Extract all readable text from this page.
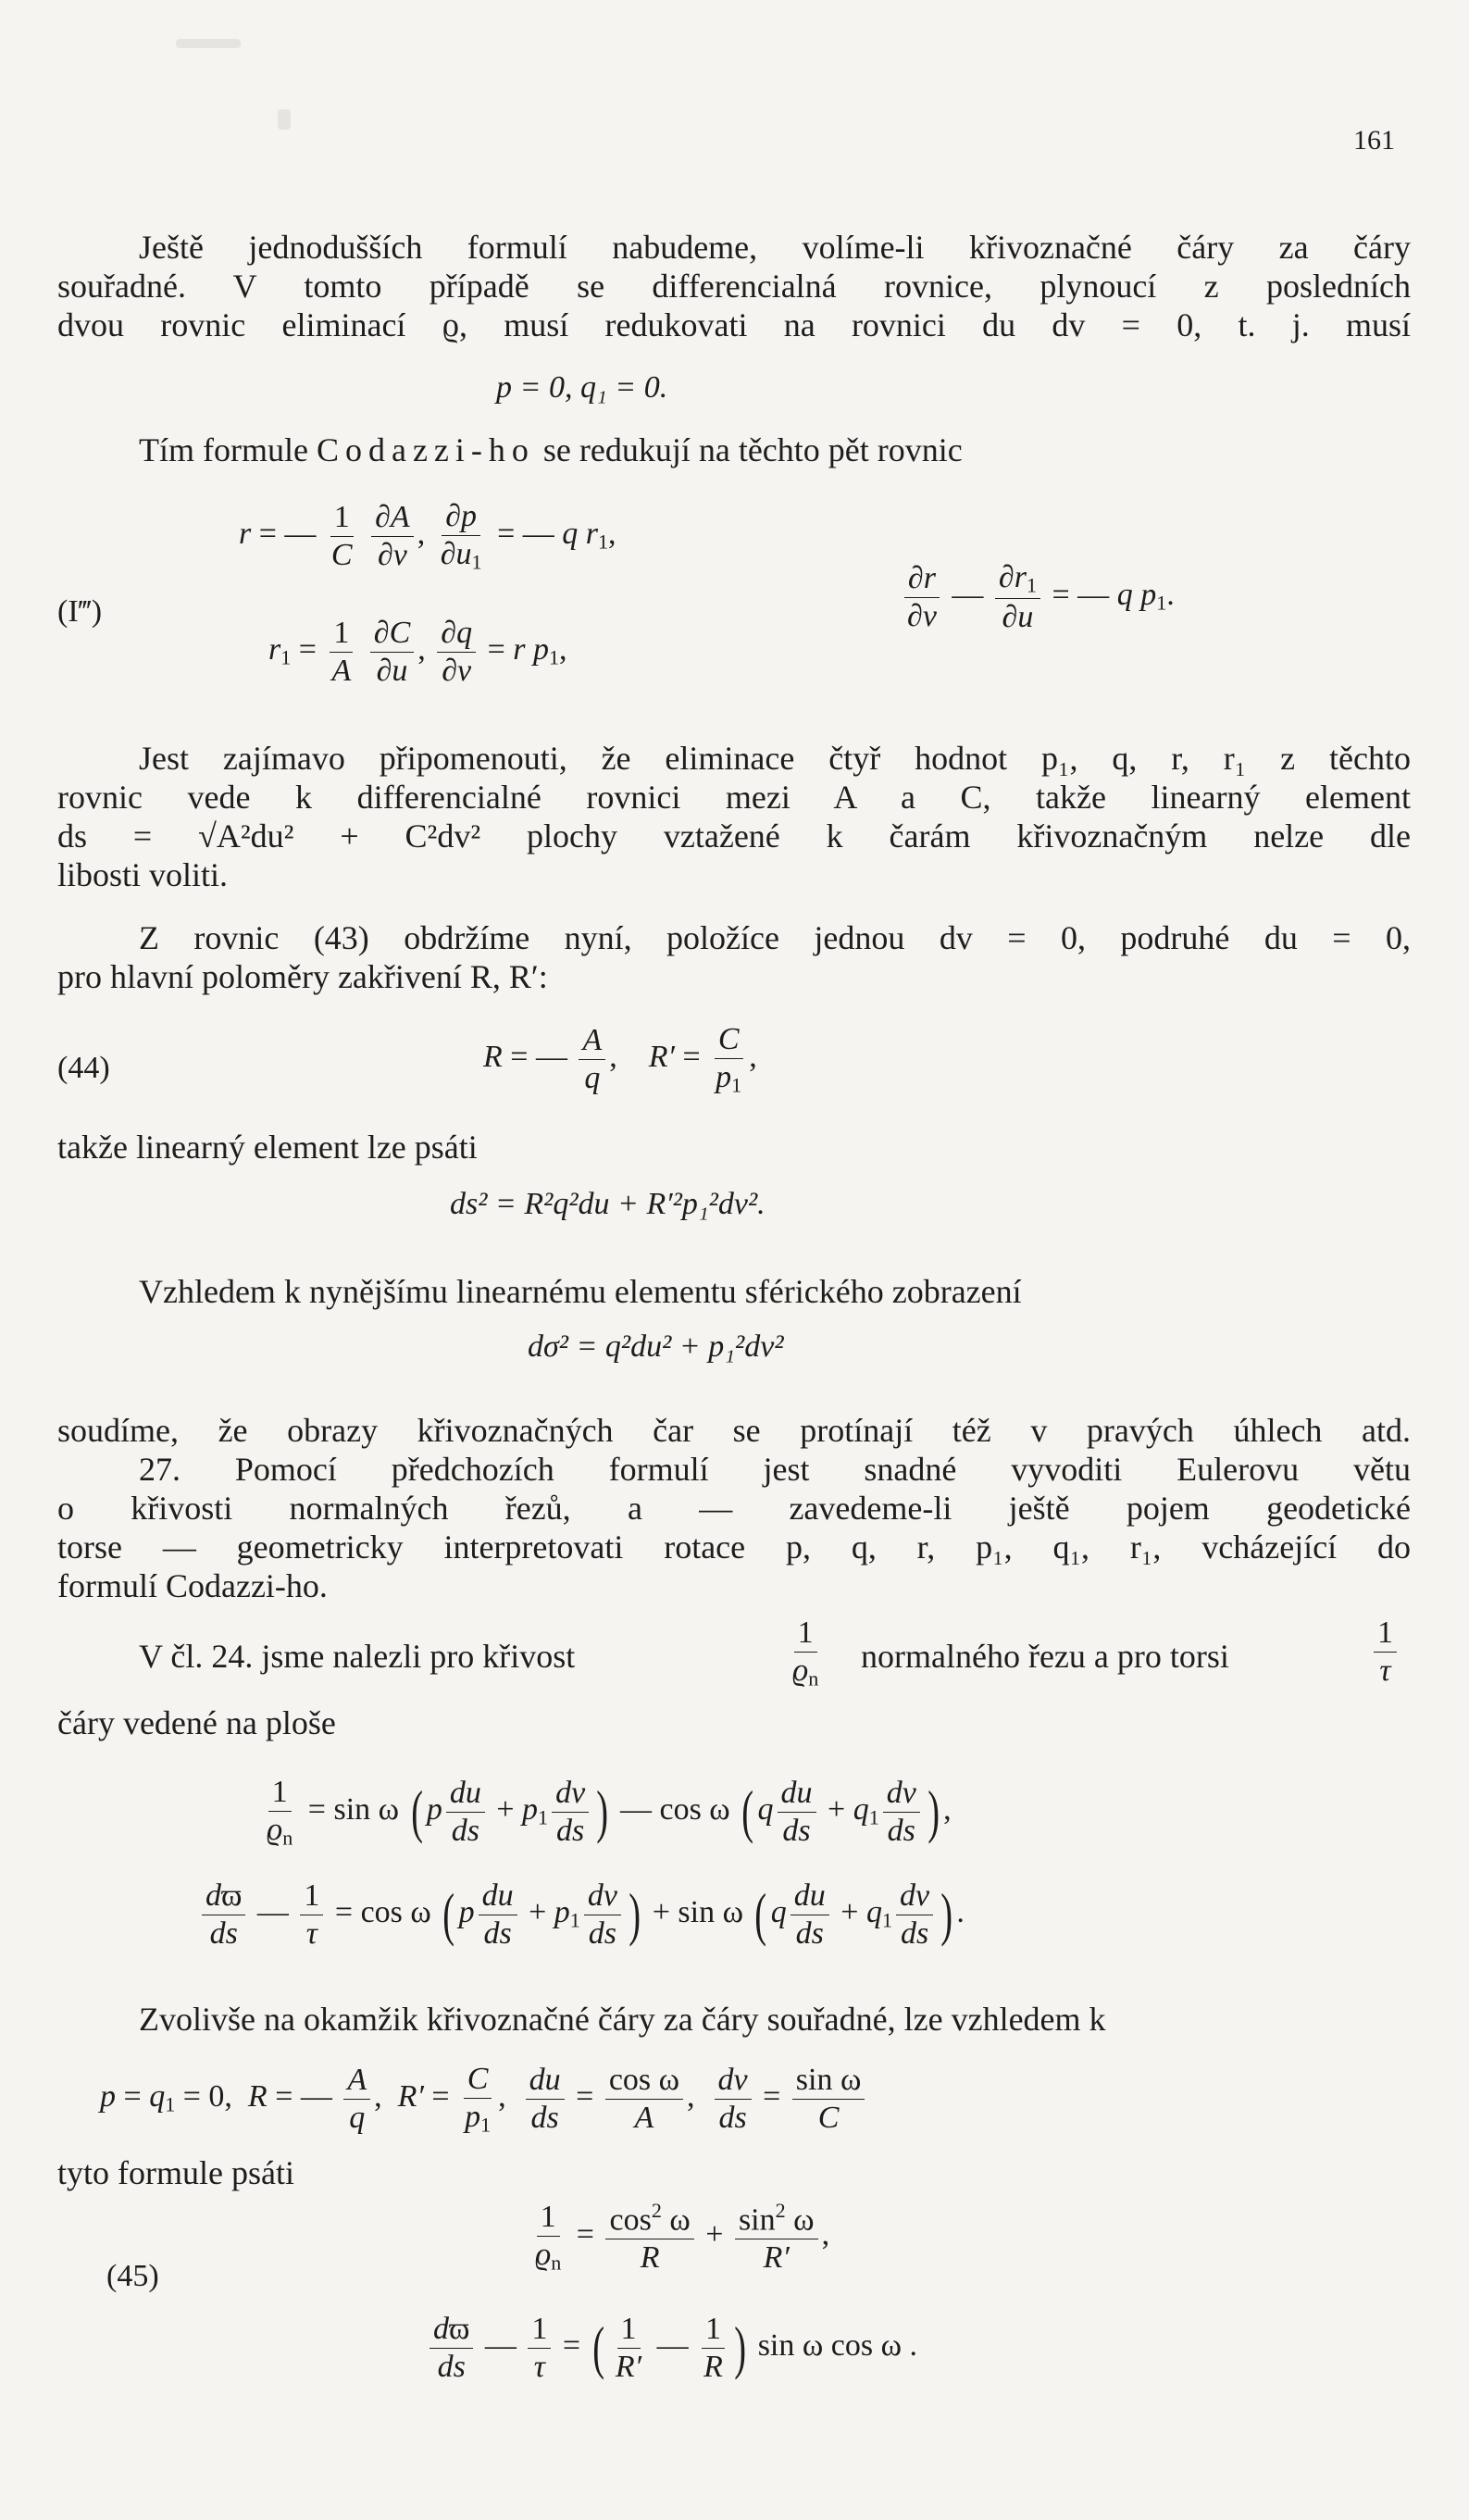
161
Ještě jednodušších formulí nabudeme, volíme-li křivoznačné čáry za čáry
souřadné. V tomto případě se differencialná rovnice, plynoucí z posledních
dvou rovnic eliminací ϱ, musí redukovati na rovnici du dv = 0, t. j. musí
p = 0, q₁ = 0.
Tím formule Codazzi-ho se redukují na těchto pět rovnic
(I‴)
r = — $\frac{1}{C}$
$\frac{\partial A}{\partial v}$ , $\frac{\partial p}{\partial u_1}$ = — q $r_1$,
$r_1 = \frac{1}{A}$
$\frac{\partial C}{\partial u}$ , $\frac{\partial q}{\partial v} = r$ $p_1$,
$\frac{\partial r}{\partial v}$ — $\frac{\partial r_1}{\partial u}$ = — q $p_1$.
Jest zajímavo připomenouti, že eliminace čtyř hodnot p₁, q, r, r₁ z těchto
rovnic vede k differencialné rovnici mezi A a C, takže linearný element
ds = √A²du² + C²dv² plochy vztažené k čarám křivoznačným nelze dle
libosti voliti.
Z rovnic (43) obdržíme nyní, položíce jednou dv = 0, podruhé du = 0,
pro hlavní poloměry zakřivení R, R′:
(44)	R = — $\frac{A}{q}$ ,    $R' = \frac{C}{p_1}$ ,
takže linearný element lze psáti
ds² = R²q²du + R′²p₁²dv².
Vzhledem k nynějšímu linearnému elementu sférického zobrazení
dσ² = q²du² + p₁²dv²
soudíme, že obrazy křivoznačných čar se protínají též v pravých úhlech atd.
27. Pomocí předchozích formulí jest snadné vyvoditi Eulerovu větu
o křivosti normalných řezů, a — zavedeme-li ještě pojem geodetické
torse — geometricky interpretovati rotace p, q, r, p₁, q₁, r₁, vcházející do
formulí Codazzi-ho.
V čl. 24. jsme nalezli pro křivost	$\frac{1}{ϱ_n}$ normalného řezu a pro torsi	$\frac{1}{\tau}$
čáry vedené na ploše
$\frac{1}{ϱ_n} = \sin \omega$ ( p $\frac{du}{ds} + p_1 \frac{dv}{ds}$ ) — cos ω ( q $\frac{du}{ds} + q_1 \frac{dv}{ds}$ ) ,
$\frac{dϖ}{ds}$ — $\frac{1}{\tau} = \cos \omega$ ( p $\frac{du}{ds} + p_1 \frac{dv}{ds}$ ) + sin ω ( q $\frac{du}{ds} + q_1 \frac{dv}{ds}$ ) .
Zvolivše na okamžik křivoznačné čáry za čáry souřadné, lze vzhledem k
$p = q_1 = 0$,  R = — $\frac{A}{q}$ ,  $R' = \frac{C}{p_1}$ , $\frac{du}{ds} = \frac{\text{cos ω}}{A}$ , $\frac{dv}{ds} = \frac{\text{sin ω}}{C}$
tyto formule psáti
(45)
$\frac{1}{ϱ_n} = \frac{\cos^2 \omega}{R} + \frac{\sin^2 \omega}{R'}$ ,
$\frac{dϖ}{ds}$ — $\frac{1}{\tau}$ = ( $\frac{1}{R'}$ — $\frac{1}{R}$ ) sin ω cos ω .
